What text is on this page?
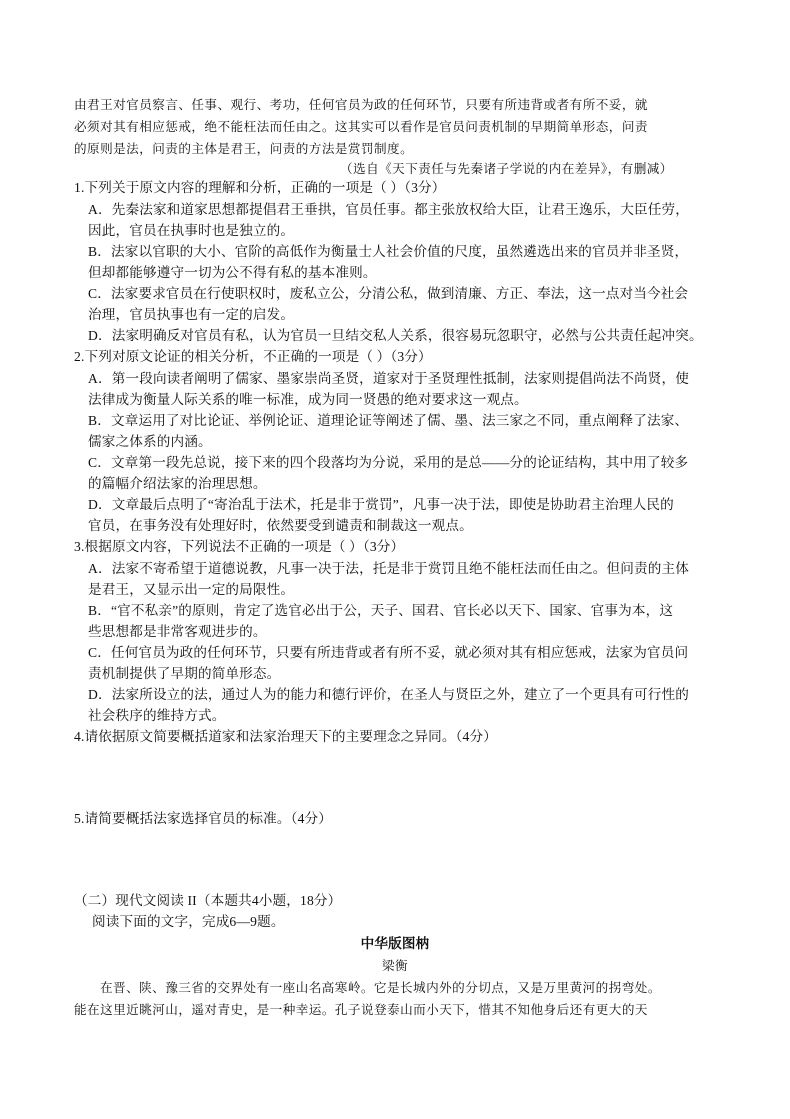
由君王对官员察言、任事、观行、考功，任何官员为政的任何环节，只要有所违背或者有所不妥，就
必须对其有相应惩戒，绝不能枉法而任由之。这其实可以看作是官员问责机制的早期简单形态，问责
的原则是法，问责的主体是君王，问责的方法是赏罚制度。
（选自《天下责任与先秦诸子学说的内在差异》，有删减）
1.下列关于原文内容的理解和分析，正确的一项是（ ）（3分）
A．先秦法家和道家思想都提倡君王垂拱，官员任事。都主张放权给大臣，让君王逸乐，大臣任劳，
因此，官员在执事时也是独立的。
B．法家以官职的大小、官阶的高低作为衡量士人社会价值的尺度，虽然遴选出来的官员并非圣贤，
但却都能够遵守一切为公不得有私的基本准则。
C．法家要求官员在行使职权时，废私立公，分清公私，做到清廉、方正、奉法，这一点对当今社会
治理，官员执事也有一定的启发。
D．法家明确反对官员有私，认为官员一旦结交私人关系，很容易玩忽职守，必然与公共责任起冲突。
2.下列对原文论证的相关分析，不正确的一项是（ ）（3分）
A．第一段向读者阐明了儒家、墨家崇尚圣贤，道家对于圣贤理性抵制，法家则提倡尚法不尚贤，使
法律成为衡量人际关系的唯一标准，成为同一贤愚的绝对要求这一观点。
B．文章运用了对比论证、举例论证、道理论证等阐述了儒、墨、法三家之不同，重点阐释了法家、
儒家之体系的内涵。
C．文章第一段先总说，接下来的四个段落均为分说，采用的是总——分的论证结构，其中用了较多
的篇幅介绍法家的治理思想。
D．文章最后点明了“寄治乱于法术，托是非于赏罚”，凡事一决于法，即使是协助君主治理人民的
官员，在事务没有处理好时，依然要受到谴责和制裁这一观点。
3.根据原文内容，下列说法不正确的一项是（ ）（3分）
A．法家不寄希望于道德说教，凡事一决于法，托是非于赏罚且绝不能枉法而任由之。但问责的主体
是君王，又显示出一定的局限性。
B．“官不私亲”的原则，肯定了选官必出于公，天子、国君、官长必以天下、国家、官事为本，这
些思想都是非常客观进步的。
C．任何官员为政的任何环节，只要有所违背或者有所不妥，就必须对其有相应惩戒，法家为官员问
责机制提供了早期的简单形态。
D．法家所设立的法，通过人为的能力和德行评价，在圣人与贤臣之外，建立了一个更具有可行性的
社会秩序的维持方式。
4.请依据原文简要概括道家和法家治理天下的主要理念之异同。（4分）
5.请简要概括法家选择官员的标准。（4分）
（二）现代文阅读 II（本题共4小题，18分）
阅读下面的文字，完成6—9题。
中华版图枘
梁衡
在晋、陕、豫三省的交界处有一座山名高寒岭。它是长城内外的分切点，又是万里黄河的拐弯处。
能在这里近眺河山，遥对青史，是一种幸运。孔子说登泰山而小天下，惜其不知他身后还有更大的天
